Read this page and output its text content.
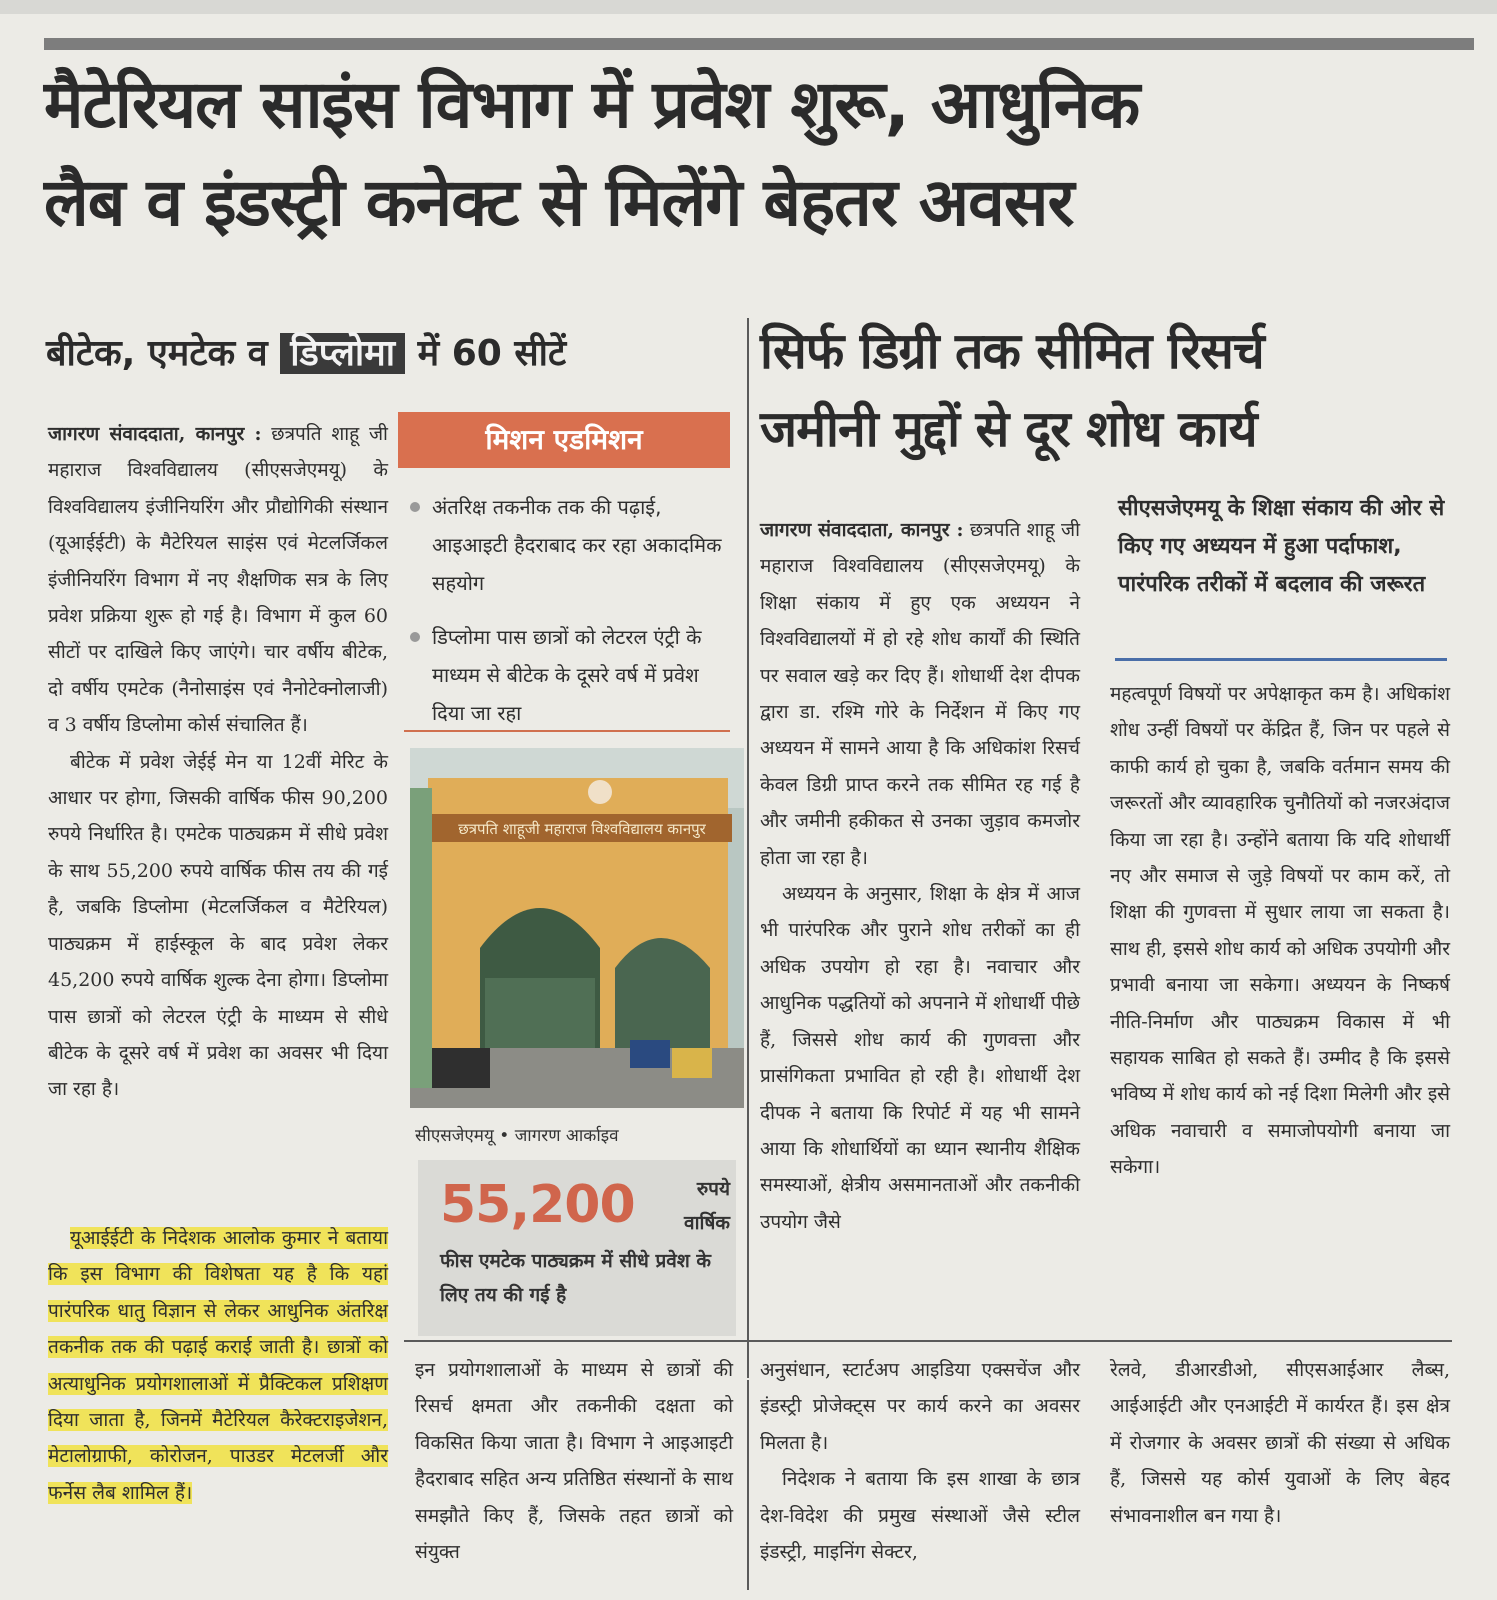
मैटेरियल साइंस विभाग में प्रवेश शुरू, आधुनिक
लैब व इंडस्ट्री कनेक्ट से मिलेंगे बेहतर अवसर
बीटेक, एमटेक व डिप्लोमा में 60 सीटें	सिर्फ डिग्री तक सीमित रिसर्च
जमीनी मुद्दों से दूर शोध कार्य

जागरण संवाददाता, कानपुर : छत्रपति शाहू जी महाराज विश्वविद्यालय (सीएसजेएमयू) के विश्वविद्यालय इंजीनियरिंग और प्रौद्योगिकी संस्थान (यूआईईटी) के मैटेरियल साइंस एवं मेटलर्जिकल इंजीनियरिंग विभाग में नए शैक्षणिक सत्र के लिए प्रवेश प्रक्रिया शुरू हो गई है। विभाग में कुल 60 सीटों पर दाखिले किए जाएंगे। चार वर्षीय बीटेक, दो वर्षीय एमटेक (नैनोसाइंस एवं नैनोटेक्नोलाजी) व 3 वर्षीय डिप्लोमा कोर्स संचालित हैं।

बीटेक में प्रवेश जेईई मेन या 12वीं मेरिट के आधार पर होगा, जिसकी वार्षिक फीस 90,200 रुपये निर्धारित है। एमटेक पाठ्यक्रम में सीधे प्रवेश के साथ 55,200 रुपये वार्षिक फीस तय की गई है, जबकि डिप्लोमा (मेटलर्जिकल व मैटेरियल) पाठ्यक्रम में हाईस्कूल के बाद प्रवेश लेकर 45,200 रुपये वार्षिक शुल्क देना होगा। डिप्लोमा पास छात्रों को लेटरल एंट्री के माध्यम से सीधे बीटेक के दूसरे वर्ष में प्रवेश का अवसर भी दिया जा रहा है।

यूआईईटी के निदेशक आलोक कुमार ने बताया कि इस विभाग की विशेषता यह है कि यहां पारंपरिक धातु विज्ञान से लेकर आधुनिक अंतरिक्ष तकनीक तक की पढ़ाई कराई जाती है। छात्रों को अत्याधुनिक प्रयोगशालाओं में प्रैक्टिकल प्रशिक्षण दिया जाता है, जिनमें मैटेरियल कैरेक्टराइजेशन, मेटालोग्राफी, कोरोजन, पाउडर मेटलर्जी और फर्नेस लैब शामिल हैं।

मिशन एडमिशन
अंतरिक्ष तकनीक तक की पढ़ाई, आइआइटी हैदराबाद कर रहा अकादमिक सहयोग
डिप्लोमा पास छात्रों को लेटरल एंट्री के माध्यम से बीटेक के दूसरे वर्ष में प्रवेश दिया जा रहा
छत्रपति शाहूजी महाराज विश्वविद्यालय कानपुर

सीएसजेएमयू • जागरण आर्काइव

55,200	रुपये
वार्षिक

फीस एमटेक पाठ्यक्रम में सीधे प्रवेश के लिए तय की गई है

सीएसजेएमयू के शिक्षा संकाय की ओर से किए गए अध्ययन में हुआ पर्दाफाश, पारंपरिक तरीकों में बदलाव की जरूरत

जागरण संवाददाता, कानपुर : छत्रपति शाहू जी महाराज विश्वविद्यालय (सीएसजेएमयू) के शिक्षा संकाय में हुए एक अध्ययन ने विश्वविद्यालयों में हो रहे शोध कार्यों की स्थिति पर सवाल खड़े कर दिए हैं। शोधार्थी देश दीपक द्वारा डा. रश्मि गोरे के निर्देशन में किए गए अध्ययन में सामने आया है कि अधिकांश रिसर्च केवल डिग्री प्राप्त करने तक सीमित रह गई है और जमीनी हकीकत से उनका जुड़ाव कमजोर होता जा रहा है।

अध्ययन के अनुसार, शिक्षा के क्षेत्र में आज भी पारंपरिक और पुराने शोध तरीकों का ही अधिक उपयोग हो रहा है। नवाचार और आधुनिक पद्धतियों को अपनाने में शोधार्थी पीछे हैं, जिससे शोध कार्य की गुणवत्ता और प्रासंगिकता प्रभावित हो रही है। शोधार्थी देश दीपक ने बताया कि रिपोर्ट में यह भी सामने आया कि शोधार्थियों का ध्यान स्थानीय शैक्षिक समस्याओं, क्षेत्रीय असमानताओं और तकनीकी उपयोग जैसे

महत्वपूर्ण विषयों पर अपेक्षाकृत कम है। अधिकांश शोध उन्हीं विषयों पर केंद्रित हैं, जिन पर पहले से काफी कार्य हो चुका है, जबकि वर्तमान समय की जरूरतों और व्यावहारिक चुनौतियों को नजरअंदाज किया जा रहा है। उन्होंने बताया कि यदि शोधार्थी नए और समाज से जुड़े विषयों पर काम करें, तो शिक्षा की गुणवत्ता में सुधार लाया जा सकता है। साथ ही, इससे शोध कार्य को अधिक उपयोगी और प्रभावी बनाया जा सकेगा। अध्ययन के निष्कर्ष नीति-निर्माण और पाठ्यक्रम विकास में भी सहायक साबित हो सकते हैं। उम्मीद है कि इससे भविष्य में शोध कार्य को नई दिशा मिलेगी और इसे अधिक नवाचारी व समाजोपयोगी बनाया जा सकेगा।

इन प्रयोगशालाओं के माध्यम से छात्रों की रिसर्च क्षमता और तकनीकी दक्षता को विकसित किया जाता है। विभाग ने आइआइटी हैदराबाद सहित अन्य प्रतिष्ठित संस्थानों के साथ समझौते किए हैं, जिसके तहत छात्रों को संयुक्त

अनुसंधान, स्टार्टअप आइडिया एक्सचेंज और इंडस्ट्री प्रोजेक्ट्स पर कार्य करने का अवसर मिलता है।

निदेशक ने बताया कि इस शाखा के छात्र देश-विदेश की प्रमुख संस्थाओं जैसे स्टील इंडस्ट्री, माइनिंग सेक्टर,

रेलवे, डीआरडीओ, सीएसआईआर लैब्स, आईआईटी और एनआईटी में कार्यरत हैं। इस क्षेत्र में रोजगार के अवसर छात्रों की संख्या से अधिक हैं, जिससे यह कोर्स युवाओं के लिए बेहद संभावनाशील बन गया है।
